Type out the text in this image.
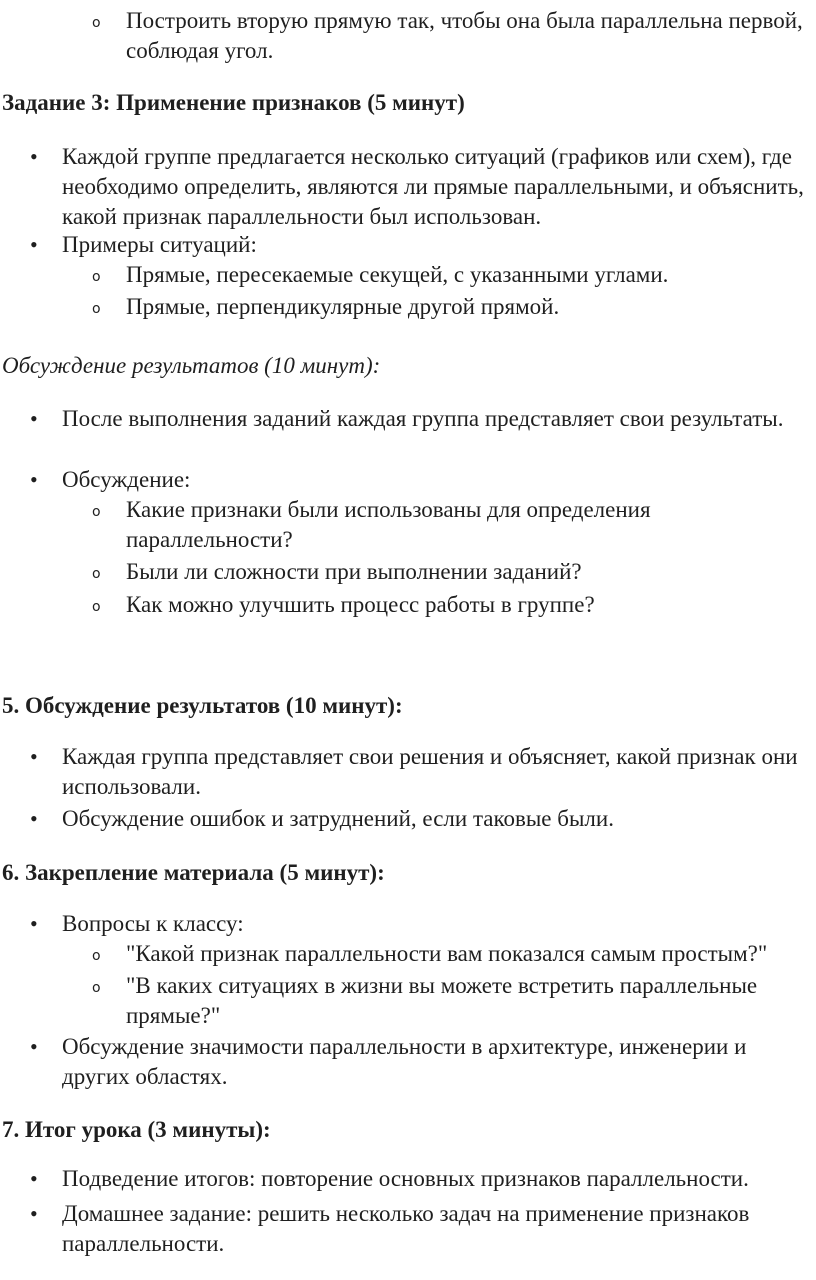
o Построить вторую прямую так, чтобы она была параллельна первой, соблюдая угол.
Задание 3: Применение признаков (5 минут)
• Каждой группе предлагается несколько ситуаций (графиков или схем), где необходимо определить, являются ли прямые параллельными, и объяснить, какой признак параллельности был использован.
• Примеры ситуаций:
o Прямые, пересекаемые секущей, с указанными углами.
o Прямые, перпендикулярные другой прямой.
Обсуждение результатов (10 минут):
• После выполнения заданий каждая группа представляет свои результаты.
• Обсуждение:
o Какие признаки были использованы для определения параллельности?
o Были ли сложности при выполнении заданий?
o Как можно улучшить процесс работы в группе?
5. Обсуждение результатов (10 минут):
• Каждая группа представляет свои решения и объясняет, какой признак они использовали.
• Обсуждение ошибок и затруднений, если таковые были.
6. Закрепление материала (5 минут):
• Вопросы к классу:
o "Какой признак параллельности вам показался самым простым?"
o "В каких ситуациях в жизни вы можете встретить параллельные прямые?"
• Обсуждение значимости параллельности в архитектуре, инженерии и других областях.
7. Итог урока (3 минуты):
• Подведение итогов: повторение основных признаков параллельности.
• Домашнее задание: решить несколько задач на применение признаков параллельности.
